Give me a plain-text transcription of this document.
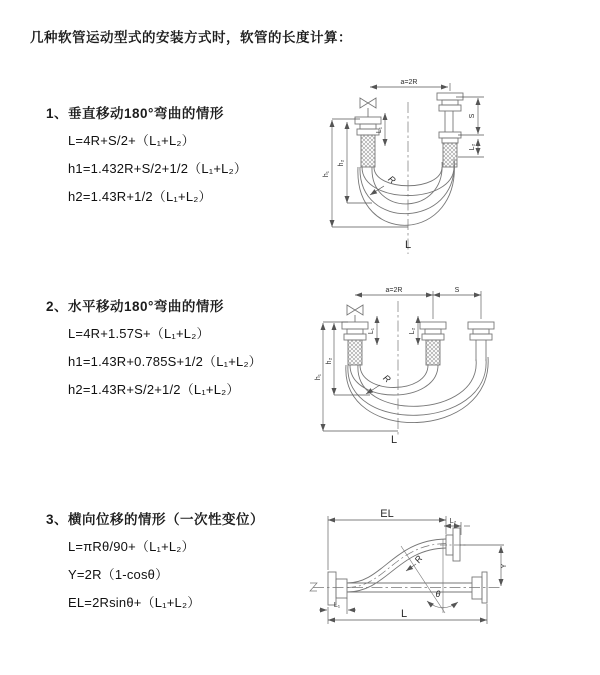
几种软管运动型式的安装方式时，软管的长度计算：
1、垂直移动180°弯曲的情形
L=4R+S/2+（L₁+L₂）
h1=1.432R+S/2+1/2（L₁+L₂）
h2=1.43R+1/2（L₁+L₂）
2、水平移动180°弯曲的情形
L=4R+1.57S+（L₁+L₂）
h1=1.43R+0.785S+1/2（L₁+L₂）
h2=1.43R+S/2+1/2（L₁+L₂）
3、横向位移的情形（一次性变位）
L=πRθ/90+（L₁+L₂）
Y=2R（1-cosθ）
EL=2Rsinθ+（L₁+L₂）
a=2R
h₁
h₂
L₁
S
L₂
R
L
a=2R	S
h₁
h₂
L₁	L₂
R
L
EL
L₂
Y
L₁
L
R
θ
